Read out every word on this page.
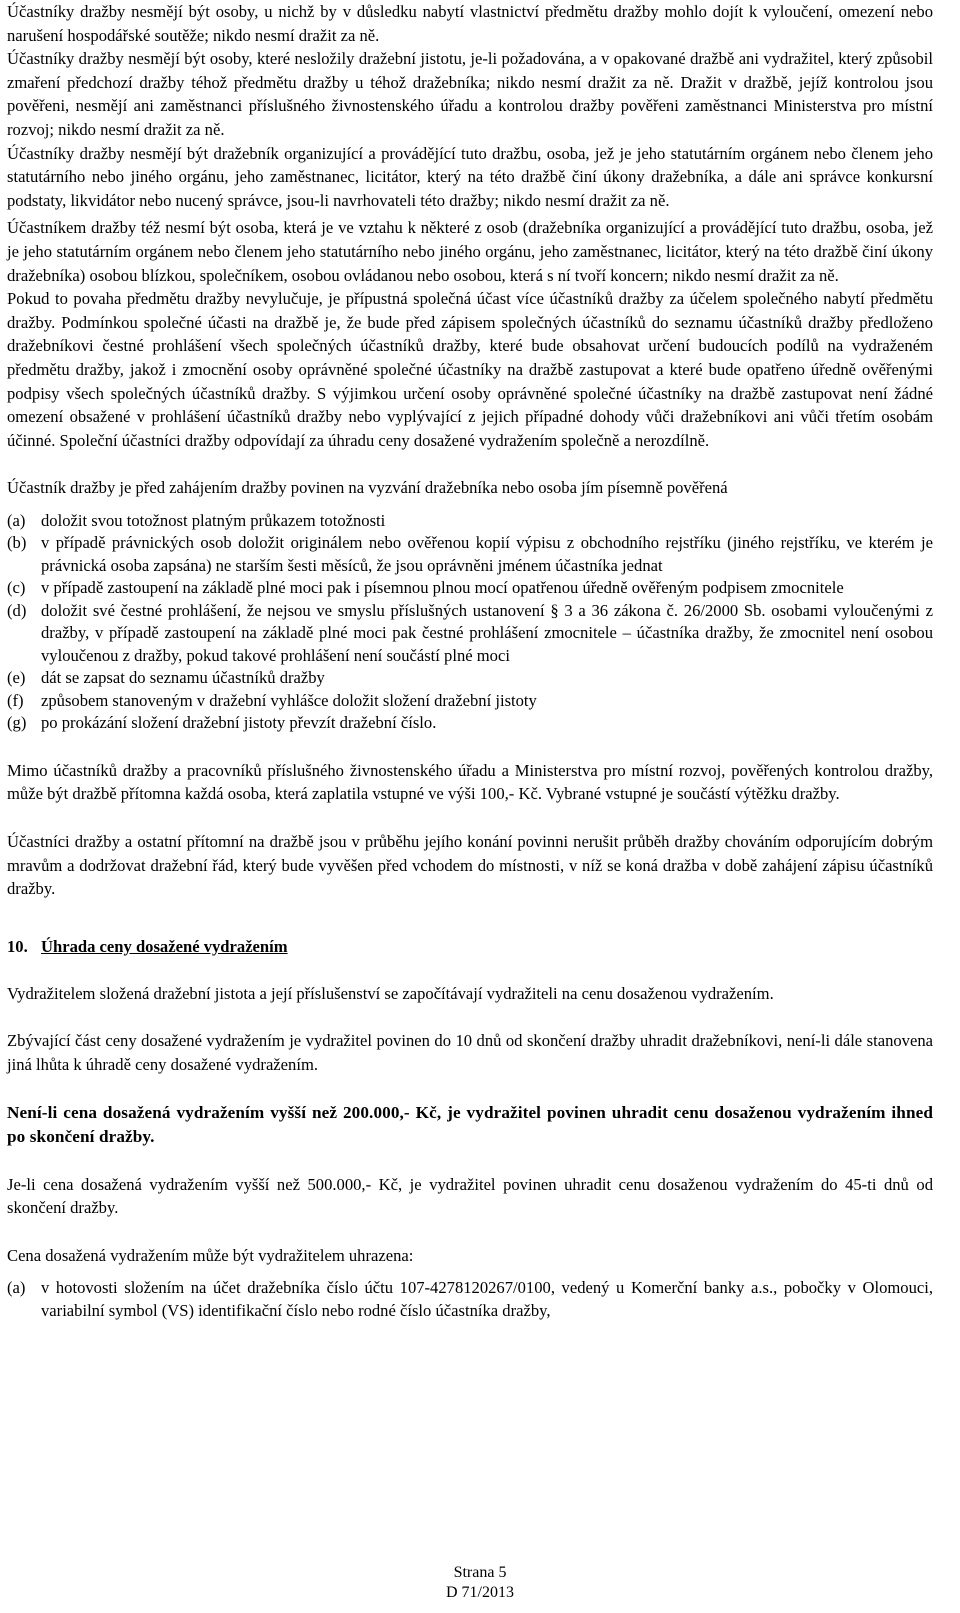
Účastníky dražby nesmějí být osoby, u nichž by v důsledku nabytí vlastnictví předmětu dražby mohlo dojít k vyloučení, omezení nebo narušení hospodářské soutěže; nikdo nesmí dražit za ně.

Účastníky dražby nesmějí být osoby, které nesložily dražební jistotu, je-li požadována, a v opakované dražbě ani vydražitel, který způsobil zmaření předchozí dražby téhož předmětu dražby u téhož dražebníka; nikdo nesmí dražit za ně. Dražit v dražbě, jejíž kontrolou jsou pověřeni, nesmějí ani zaměstnanci příslušného živnostenského úřadu a kontrolou dražby pověřeni zaměstnanci Ministerstva pro místní rozvoj; nikdo nesmí dražit za ně.

Účastníky dražby nesmějí být dražebník organizující a provádějící tuto dražbu, osoba, jež je jeho statutárním orgánem nebo členem jeho statutárního nebo jiného orgánu, jeho zaměstnanec, licitátor, který na této dražbě činí úkony dražebníka, a dále ani správce konkursní podstaty, likvidátor nebo nucený správce, jsou-li navrhovateli této dražby; nikdo nesmí dražit za ně.

Účastníkem dražby též nesmí být osoba, která je ve vztahu k některé z osob (dražebníka organizující a provádějící tuto dražbu, osoba, jež je jeho statutárním orgánem nebo členem jeho statutárního nebo jiného orgánu, jeho zaměstnanec, licitátor, který na této dražbě činí úkony dražebníka) osobou blízkou, společníkem, osobou ovládanou nebo osobou, která s ní tvoří koncern; nikdo nesmí dražit za ně.

Pokud to povaha předmětu dražby nevylučuje, je přípustná společná účast více účastníků dražby za účelem společného nabytí předmětu dražby. Podmínkou společné účasti na dražbě je, že bude před zápisem společných účastníků do seznamu účastníků dražby předloženo dražebníkovi čestné prohlášení všech společných účastníků dražby, které bude obsahovat určení budoucích podílů na vydraženém předmětu dražby, jakož i zmocnění osoby oprávněné společné účastníky na dražbě zastupovat a které bude opatřeno úředně ověřenými podpisy všech společných účastníků dražby. S výjimkou určení osoby oprávněné společné účastníky na dražbě zastupovat není žádné omezení obsažené v prohlášení účastníků dražby nebo vyplývající z jejich případné dohody vůči dražebníkovi ani vůči třetím osobám účinné. Společní účastníci dražby odpovídají za úhradu ceny dosažené vydražením společně a nerozdílně.

Účastník dražby je před zahájením dražby povinen na vyzvání dražebníka nebo osoba jím písemně pověřená

(a) doložit svou totožnost platným průkazem totožnosti
(b) v případě právnických osob doložit originálem nebo ověřenou kopií výpisu z obchodního rejstříku (jiného rejstříku, ve kterém je právnická osoba zapsána) ne starším šesti měsíců, že jsou oprávněni jménem účastníka jednat
(c) v případě zastoupení na základě plné moci pak i písemnou plnou mocí opatřenou úředně ověřeným podpisem zmocnitele
(d) doložit své čestné prohlášení, že nejsou ve smyslu příslušných ustanovení § 3 a 36 zákona č. 26/2000 Sb. osobami vyloučenými z dražby, v případě zastoupení na základě plné moci pak čestné prohlášení zmocnitele – účastníka dražby, že zmocnitel není osobou vyloučenou z dražby, pokud takové prohlášení není součástí plné moci
(e) dát se zapsat do seznamu účastníků dražby
(f) způsobem stanoveným v dražební vyhlášce doložit složení dražební jistoty
(g) po prokázání složení dražební jistoty převzít dražební číslo.

Mimo účastníků dražby a pracovníků příslušného živnostenského úřadu a Ministerstva pro místní rozvoj, pověřených kontrolou dražby, může být dražbě přítomna každá osoba, která zaplatila vstupné ve výši 100,- Kč. Vybrané vstupné je součástí výtěžku dražby.

Účastníci dražby a ostatní přítomní na dražbě jsou v průběhu jejího konání povinni nerušit průběh dražby chováním odporujícím dobrým mravům a dodržovat dražební řád, který bude vyvěšen před vchodem do místnosti, v níž se koná dražba v době zahájení zápisu účastníků dražby.

10. Úhrada ceny dosažené vydražením

Vydražitelem složená dražební jistota a její příslušenství se započítávají vydražiteli na cenu dosaženou vydražením.

Zbývající část ceny dosažené vydražením je vydražitel povinen do 10 dnů od skončení dražby uhradit dražebníkovi, není-li dále stanovena jiná lhůta k úhradě ceny dosažené vydražením.

Není-li cena dosažená vydražením vyšší než 200.000,- Kč, je vydražitel povinen uhradit cenu dosaženou vydražením ihned po skončení dražby.

Je-li cena dosažená vydražením vyšší než 500.000,- Kč, je vydražitel povinen uhradit cenu dosaženou vydražením do 45-ti dnů od skončení dražby.

Cena dosažená vydražením může být vydražitelem uhrazena:

(a) v hotovosti složením na účet dražebníka číslo účtu 107-4278120267/0100, vedený u Komerční banky a.s., pobočky v Olomouci, variabilní symbol (VS) identifikační číslo nebo rodné číslo účastníka dražby,
Strana 5
D 71/2013
